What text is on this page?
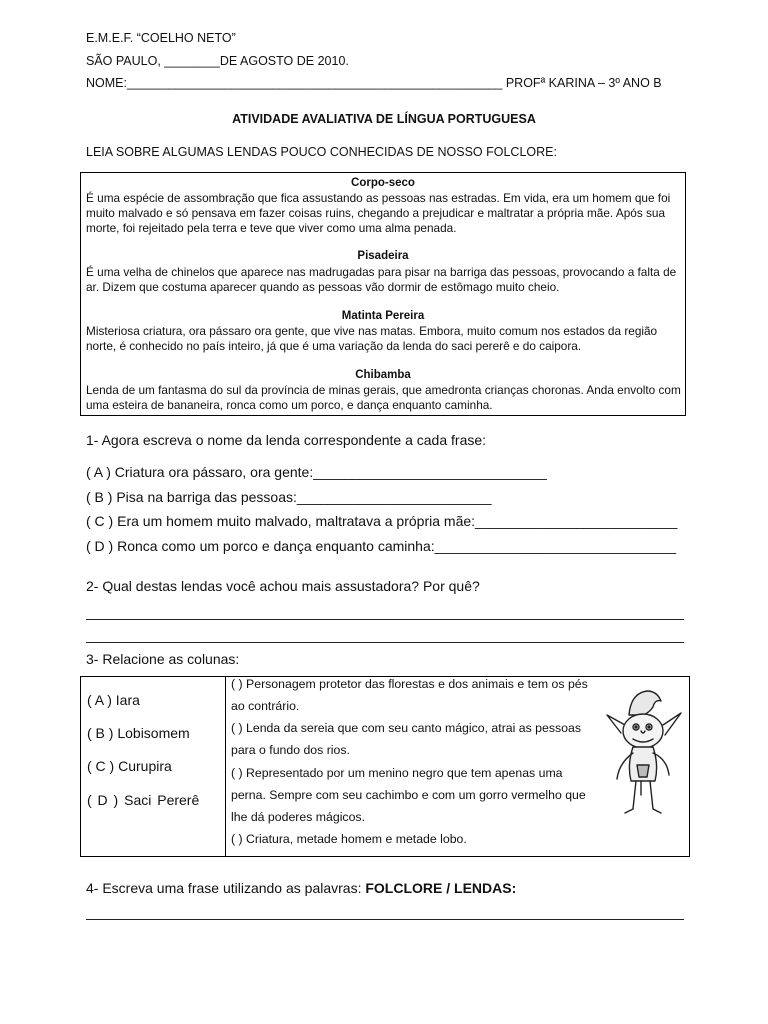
E.M.E.F. “COELHO NETO”
SÃO PAULO, ________DE AGOSTO DE 2010.
NOME:______________________________________________________ PROFª KARINA – 3º ANO B
ATIVIDADE AVALIATIVA DE LÍNGUA PORTUGUESA
LEIA SOBRE ALGUMAS LENDAS POUCO CONHECIDAS DE NOSSO FOLCLORE:
Corpo-seco
É uma espécie de assombração que fica assustando as pessoas nas estradas. Em vida, era um homem que foi muito malvado e só pensava em fazer coisas ruins, chegando a prejudicar e maltratar a própria mãe. Após sua morte, foi rejeitado pela terra e teve que viver como uma alma penada.
Pisadeira
É uma velha de chinelos que aparece nas madrugadas para pisar na barriga das pessoas, provocando a falta de ar. Dizem que costuma aparecer quando as pessoas vão dormir de estômago muito cheio.
Matinta Pereira
Misteriosa criatura, ora pássaro ora gente, que vive nas matas. Embora, muito comum nos estados da região norte, é conhecido no país inteiro, já que é uma variação da lenda do saci pererê e do caipora.
Chibamba
Lenda de um fantasma do sul da província de minas gerais, que amedronta crianças choronas. Anda envolto com uma esteira de bananeira, ronca como um porco, e dança enquanto caminha.
1- Agora escreva o nome da lenda correspondente a cada frase:
( A ) Criatura ora pássaro, ora gente:______________________________
( B ) Pisa na barriga das pessoas:_________________________
( C ) Era um homem muito malvado, maltratava a própria mãe:__________________________
( D ) Ronca como um porco e dança enquanto caminha:_______________________________
2- Qual destas lendas você achou mais assustadora? Por quê?
3- Relacione as colunas:
( A ) Iara
( B ) Lobisomem
( C ) Curupira
( D ) Saci Pererê
( ) Personagem protetor das florestas e dos animais e tem os pés ao contrário.
( ) Lenda da sereia que com seu canto mágico, atrai as pessoas para o fundo dos rios.
( ) Representado por um menino negro que tem apenas uma perna. Sempre com seu cachimbo e com um gorro vermelho que lhe dá poderes mágicos.
( ) Criatura, metade homem e metade lobo.
4- Escreva uma frase utilizando as palavras: FOLCLORE / LENDAS:
